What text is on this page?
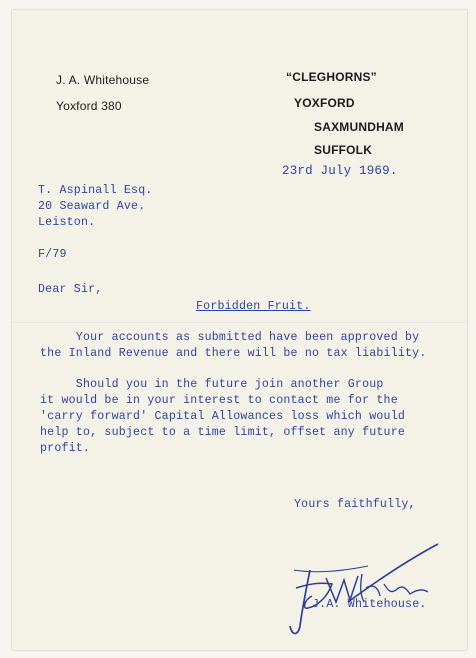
J. A. Whitehouse
Yoxford 380
“CLEGHORNS”
YOXFORD
SAXMUNDHAM
SUFFOLK
23rd July 1969.
T. Aspinall Esq.
20 Seaward Ave.
Leiston.
F/79
Dear Sir,
Forbidden Fruit.
Your accounts as submitted have been approved by
the Inland Revenue and there will be no tax liability.
Should you in the future join another Group
it would be in your interest to contact me for the
'carry forward' Capital Allowances loss which would
help to, subject to a time limit, offset any future
profit.
Yours faithfully,
J.A. Whitehouse.
